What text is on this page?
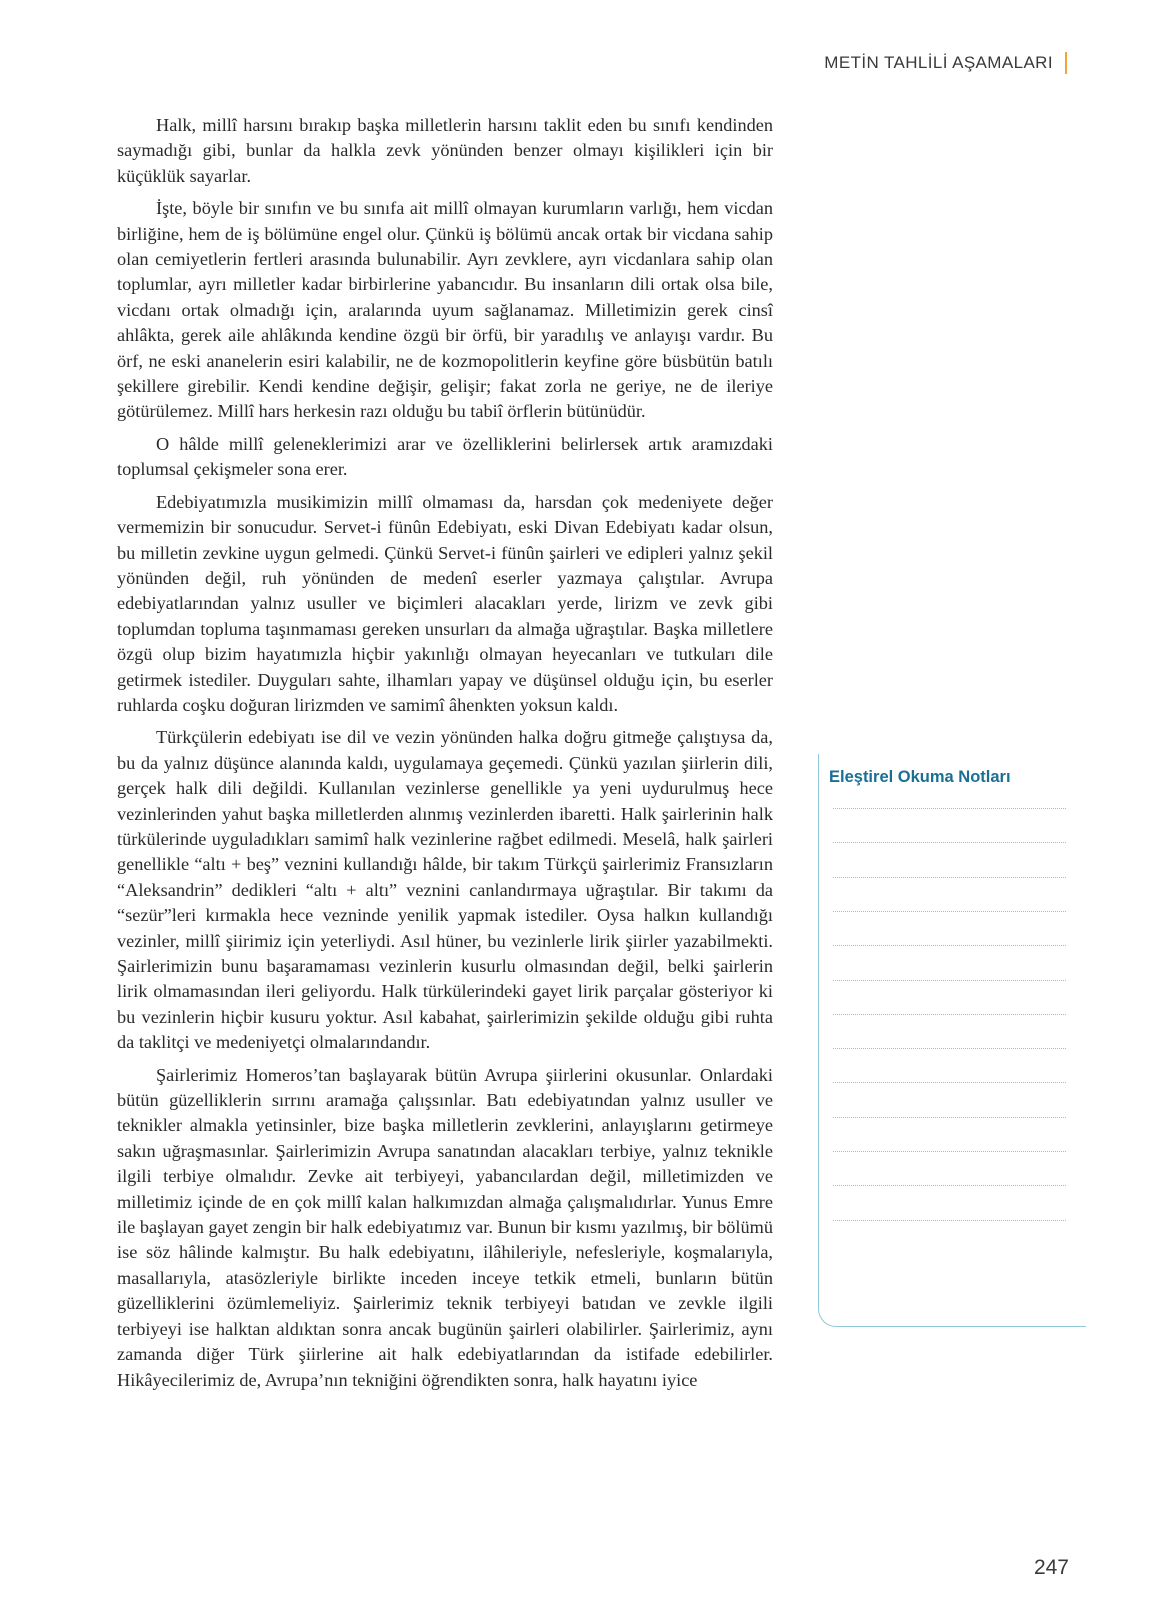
METİN TAHLİLİ AŞAMALARI

Halk, millî harsını bırakıp başka milletlerin harsını taklit eden bu sınıfı kendinden saymadığı gibi, bunlar da halkla zevk yönünden benzer olmayı kişilikleri için bir küçüklük sayarlar.

İşte, böyle bir sınıfın ve bu sınıfa ait millî olmayan kurumların varlığı, hem vicdan birliğine, hem de iş bölümüne engel olur. Çünkü iş bölümü ancak ortak bir vicdana sahip olan cemiyetlerin fertleri arasında bulunabilir. Ayrı zevklere, ayrı vicdanlara sahip olan toplumlar, ayrı milletler kadar birbirlerine yabancıdır. Bu insanların dili ortak olsa bile, vicdanı ortak olmadığı için, aralarında uyum sağlanamaz. Milletimizin gerek cinsî ahlâkta, gerek aile ahlâkında kendine özgü bir örfü, bir yaradılış ve anlayışı vardır. Bu örf, ne eski ananelerin esiri kalabilir, ne de kozmopolitlerin keyfine göre büsbütün batılı şekillere girebilir. Kendi kendine değişir, gelişir; fakat zorla ne geriye, ne de ileriye götürülemez. Millî hars herkesin razı olduğu bu tabiî örflerin bütünüdür.

O hâlde millî geleneklerimizi arar ve özelliklerini belirlersek artık aramızdaki toplumsal çekişmeler sona erer.

Edebiyatımızla musikimizin millî olmaması da, harsdan çok medeniyete değer vermemizin bir sonucudur. Servet-i fünûn Edebiyatı, eski Divan Edebiyatı kadar olsun, bu milletin zevkine uygun gelmedi. Çünkü Servet-i fünûn şairleri ve edipleri yalnız şekil yönünden değil, ruh yönünden de medenî eserler yazmaya çalıştılar. Avrupa edebiyatlarından yalnız usuller ve biçimleri alacakları yerde, lirizm ve zevk gibi toplumdan topluma taşınmaması gereken unsurları da almağa uğraştılar. Başka milletlere özgü olup bizim hayatımızla hiçbir yakınlığı olmayan heyecanları ve tutkuları dile getirmek istediler. Duyguları sahte, ilhamları yapay ve düşünsel olduğu için, bu eserler ruhlarda coşku doğuran lirizmden ve samimî âhenkten yoksun kaldı.

Türkçülerin edebiyatı ise dil ve vezin yönünden halka doğru gitmeğe çalıştıysa da, bu da yalnız düşünce alanında kaldı, uygulamaya geçemedi. Çünkü yazılan şiirlerin dili, gerçek halk dili değildi. Kullanılan vezinlerse genellikle ya yeni uydurulmuş hece vezinlerinden yahut başka milletlerden alınmış vezinlerden ibaretti. Halk şairlerinin halk türkülerinde uyguladıkları samimî halk vezinlerine rağbet edilmedi. Meselâ, halk şairleri genellikle “altı + beş” veznini kullandığı hâlde, bir takım Türkçü şairlerimiz Fransızların “Aleksandrin” dedikleri “altı + altı” veznini canlandırmaya uğraştılar. Bir takımı da “sezür”leri kırmakla hece vezninde yenilik yapmak istediler. Oysa halkın kullandığı vezinler, millî şiirimiz için yeterliydi. Asıl hüner, bu vezinlerle lirik şiirler yazabilmekti. Şairlerimizin bunu başaramaması vezinlerin kusurlu olmasından değil, belki şairlerin lirik olmamasından ileri geliyordu. Halk türkülerindeki gayet lirik parçalar gösteriyor ki bu vezinlerin hiçbir kusuru yoktur. Asıl kabahat, şairlerimizin şekilde olduğu gibi ruhta da taklitçi ve medeniyetçi olmalarındandır.

Şairlerimiz Homeros’tan başlayarak bütün Avrupa şiirlerini okusunlar. Onlardaki bütün güzelliklerin sırrını aramağa çalışsınlar. Batı edebiyatından yalnız usuller ve teknikler almakla yetinsinler, bize başka milletlerin zevklerini, anlayışlarını getirmeye sakın uğraşmasınlar. Şairlerimizin Avrupa sanatından alacakları terbiye, yalnız teknikle ilgili terbiye olmalıdır. Zevke ait terbiyeyi, yabancılardan değil, milletimizden ve milletimiz içinde de en çok millî kalan halkımızdan almağa çalışmalıdırlar. Yunus Emre ile başlayan gayet zengin bir halk edebiyatımız var. Bunun bir kısmı yazılmış, bir bölümü ise söz hâlinde kalmıştır. Bu halk edebiyatını, ilâhileriyle, nefesleriyle, koşmalarıyla, masallarıyla, atasözleriyle birlikte inceden inceye tetkik etmeli, bunların bütün güzelliklerini özümlemeliyiz. Şairlerimiz teknik terbiyeyi batıdan ve zevkle ilgili terbiyeyi ise halktan aldıktan sonra ancak bugünün şairleri olabilirler. Şairlerimiz, aynı zamanda diğer Türk şiirlerine ait halk edebiyatlarından da istifade edebilirler. Hikâyecilerimiz de, Avrupa’nın tekniğini öğrendikten sonra, halk hayatını iyice

Eleştirel Okuma Notları
247
